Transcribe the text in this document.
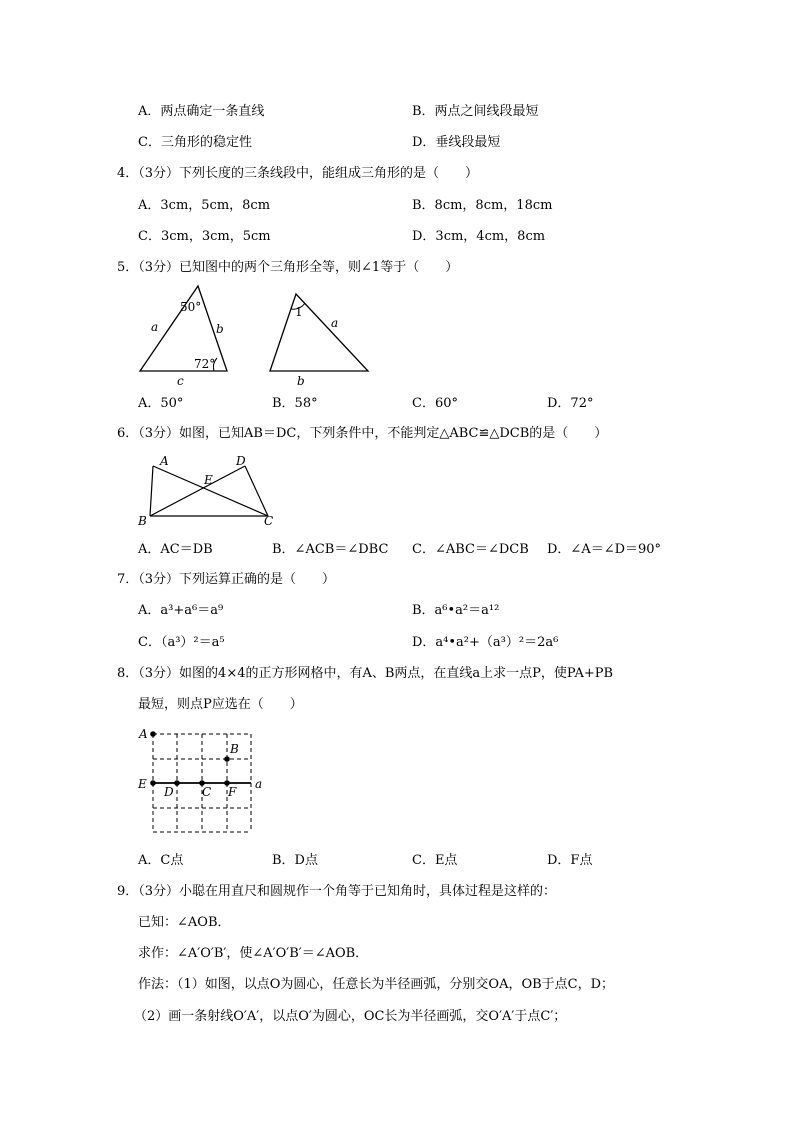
A．两点确定一条直线	B．两点之间线段最短
C．三角形的稳定性	D．垂线段最短
4．（3分）下列长度的三条线段中，能组成三角形的是（　　）
A．3cm，5cm，8cm	B．8cm，8cm，18cm
C．3cm，3cm，5cm	D．3cm，4cm，8cm
5．（3分）已知图中的两个三角形全等，则∠1等于（　　）
50°
72°
a	b
c
1
a
b
A．50°	B．58°	C．60°	D．72°
6．（3分）如图，已知AB＝DC，下列条件中，不能判定△ABC≌△DCB的是（　　）
A	D
E
B	C
A．AC＝DB	B．∠ACB＝∠DBC C．∠ABC＝∠DCB D．∠A＝∠D＝90°
7．（3分）下列运算正确的是（　　）
A．a³+a⁶＝a⁹	B．a⁶•a²＝a¹²
C．（a³）²＝a⁵	D．a⁴•a²+（a³）²＝2a⁶
8．（3分）如图的4×4的正方形网格中，有A、B两点，在直线a上求一点P，使PA+PB
最短，则点P应选在（　　）
A
B
E
D C F
a
A．C点	B．D点	C．E点	D．F点
9．（3分）小聪在用直尺和圆规作一个角等于已知角时，具体过程是这样的：
已知：∠AOB．
求作：∠A′O′B′，使∠A′O′B′＝∠AOB．
作法：（1）如图，以点O为圆心，任意长为半径画弧，分别交OA，OB于点C，D；
（2）画一条射线O′A′，以点O′为圆心，OC长为半径画弧，交O′A′于点C′；
